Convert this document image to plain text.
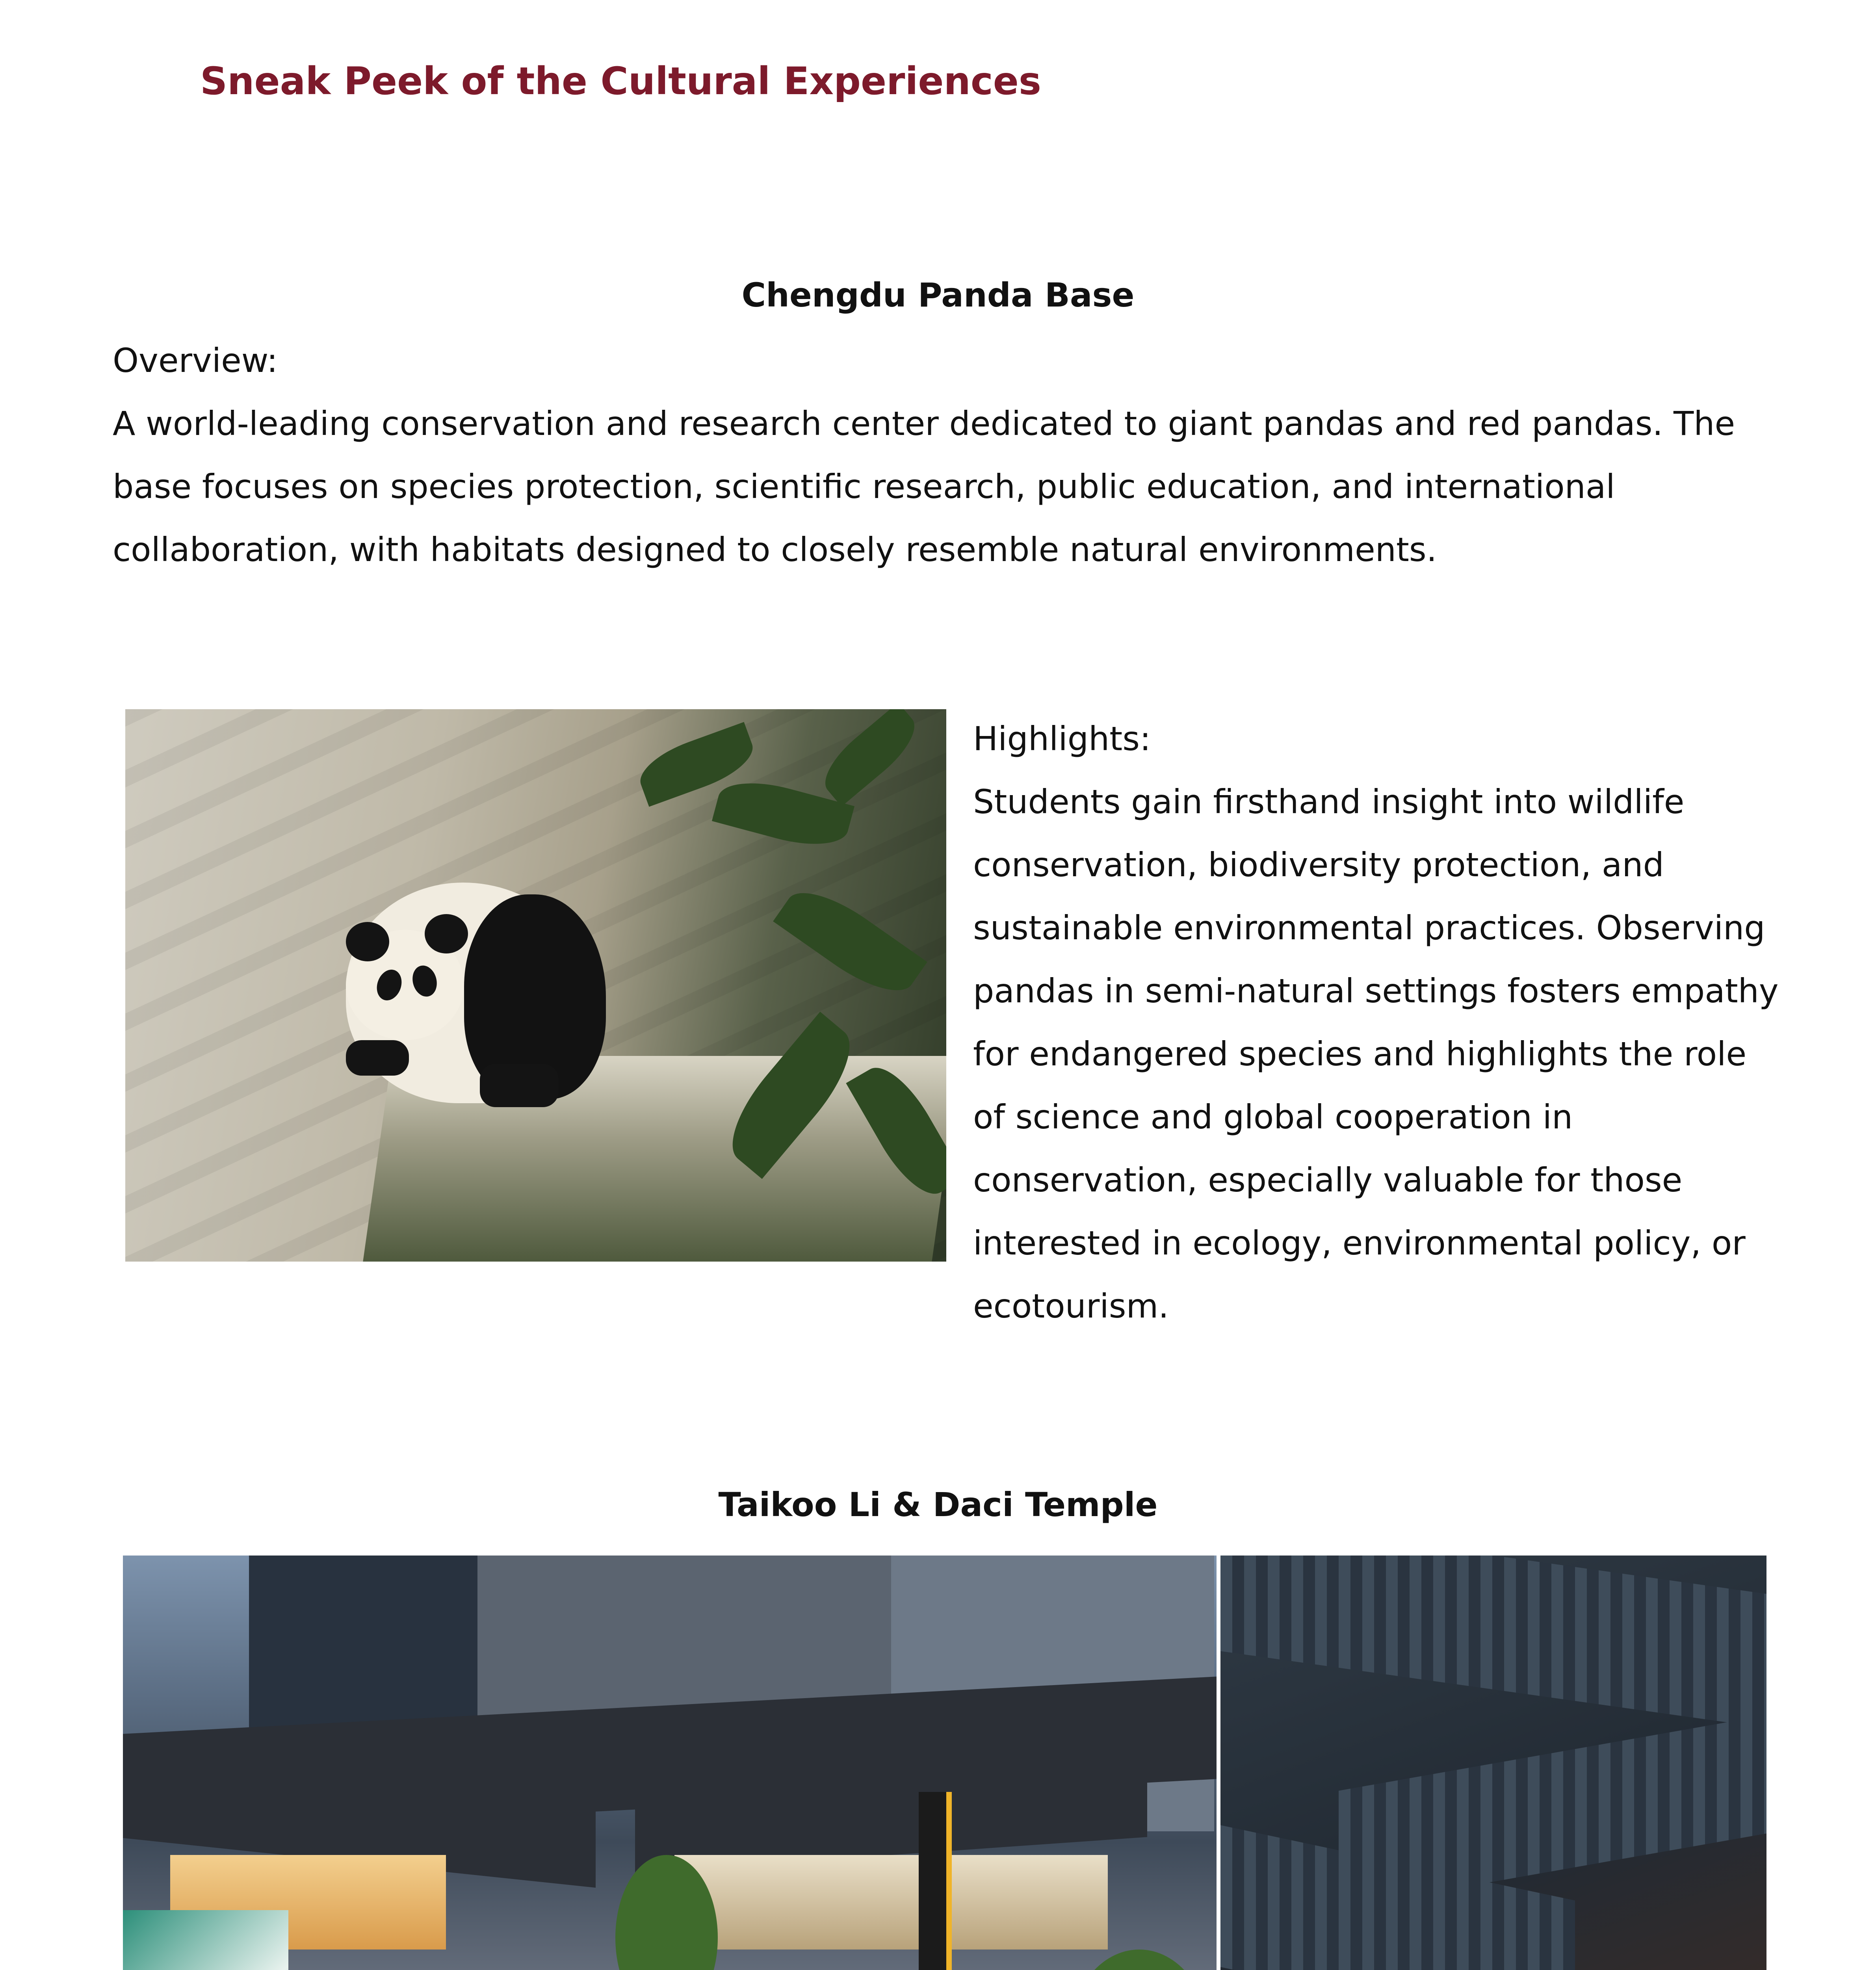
Sneak Peek of the Cultural Experiences
Chengdu Panda Base
Overview:
A world-leading conservation and research center dedicated to giant pandas and red pandas. The base focuses on species protection, scientific research, public education, and international collaboration, with habitats designed to closely resemble natural environments.
Highlights:
Students gain firsthand insight into wildlife conservation, biodiversity protection, and sustainable environmental practices. Observing pandas in semi-natural settings fosters empathy for endangered species and highlights the role of science and global cooperation in conservation, especially valuable for those interested in ecology, environmental policy, or ecotourism.
Taikoo Li & Daci Temple
